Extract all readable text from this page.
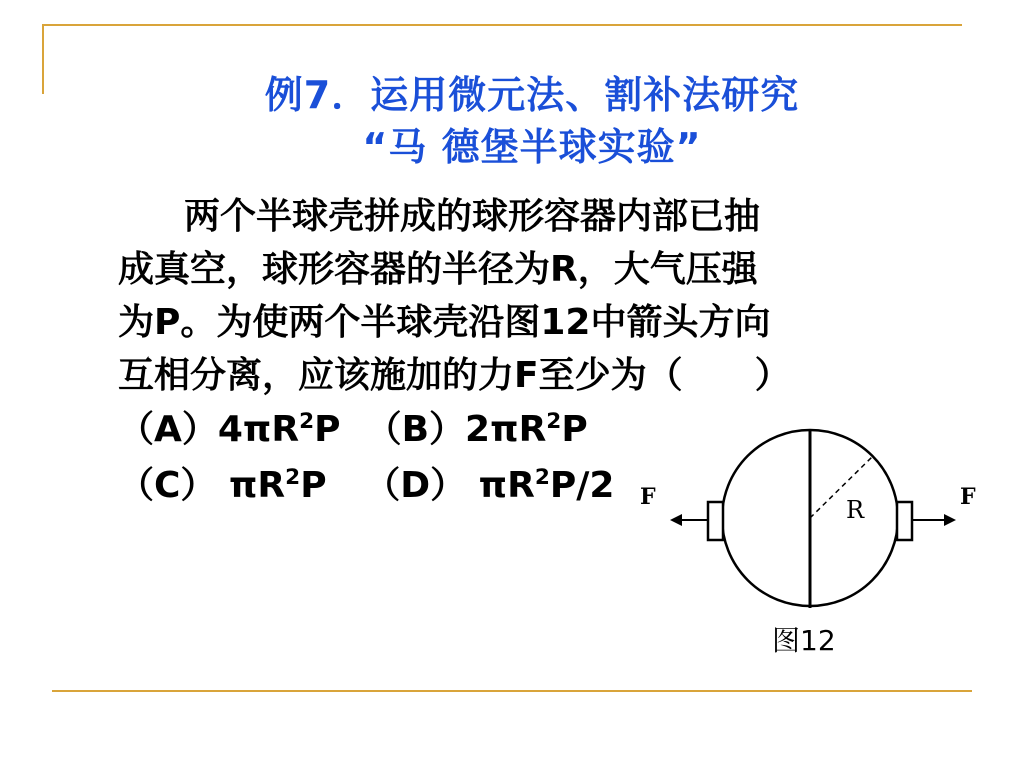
例7．运用微元法、割补法研究
“马 德堡半球实验”
两个半球壳拼成的球形容器内部已抽
成真空，球形容器的半径为R，大气压强
为P。为使两个半球壳沿图12中箭头方向
互相分离，应该施加的力F至少为（　　）
$(A)4\pi R^2P$ $(B)2\pi R^2P$
（C） $\pi R^2P$ （D） $\pi R^2P/2$ F	F
R
图12
